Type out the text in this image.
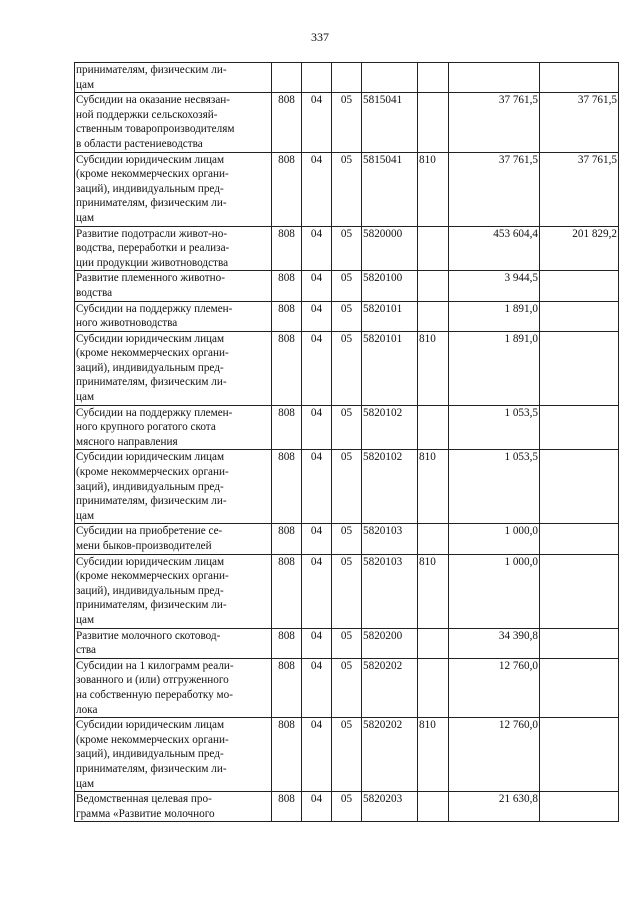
337
принимателям, физическим ли-
цам							
Субсидии на оказание несвязан-
ной поддержки сельскохозяй-
ственным товаропроизводителям
в области растениеводства	808	04	05	5815041		37 761,5	37 761,5
Субсидии юридическим лицам
(кроме некоммерческих органи-
заций), индивидуальным пред-
принимателям, физическим ли-
цам	808	04	05	5815041	810	37 761,5	37 761,5
Развитие подотрасли живот-но-
водства, переработки и реализа-
ции продукции животноводства	808	04	05	5820000		453 604,4	201 829,2
Развитие племенного животно-
водства	808	04	05	5820100		3 944,5	
Субсидии на поддержку племен-
ного животноводства	808	04	05	5820101		1 891,0	
Субсидии юридическим лицам
(кроме некоммерческих органи-
заций), индивидуальным пред-
принимателям, физическим ли-
цам	808	04	05	5820101	810	1 891,0	
Субсидии на поддержку племен-
ного крупного рогатого скота
мясного направления	808	04	05	5820102		1 053,5	
Субсидии юридическим лицам
(кроме некоммерческих органи-
заций), индивидуальным пред-
принимателям, физическим ли-
цам	808	04	05	5820102	810	1 053,5	
Субсидии на приобретение се-
мени быков-производителей	808	04	05	5820103		1 000,0	
Субсидии юридическим лицам
(кроме некоммерческих органи-
заций), индивидуальным пред-
принимателям, физическим ли-
цам	808	04	05	5820103	810	1 000,0	
Развитие молочного скотовод-
ства	808	04	05	5820200		34 390,8	
Субсидии на 1 килограмм реали-
зованного и (или) отгруженного
на собственную переработку мо-
лока	808	04	05	5820202		12 760,0	
Субсидии юридическим лицам
(кроме некоммерческих органи-
заций), индивидуальным пред-
принимателям, физическим ли-
цам	808	04	05	5820202	810	12 760,0	
Ведомственная целевая про-
грамма «Развитие молочного	808	04	05	5820203		21 630,8	
